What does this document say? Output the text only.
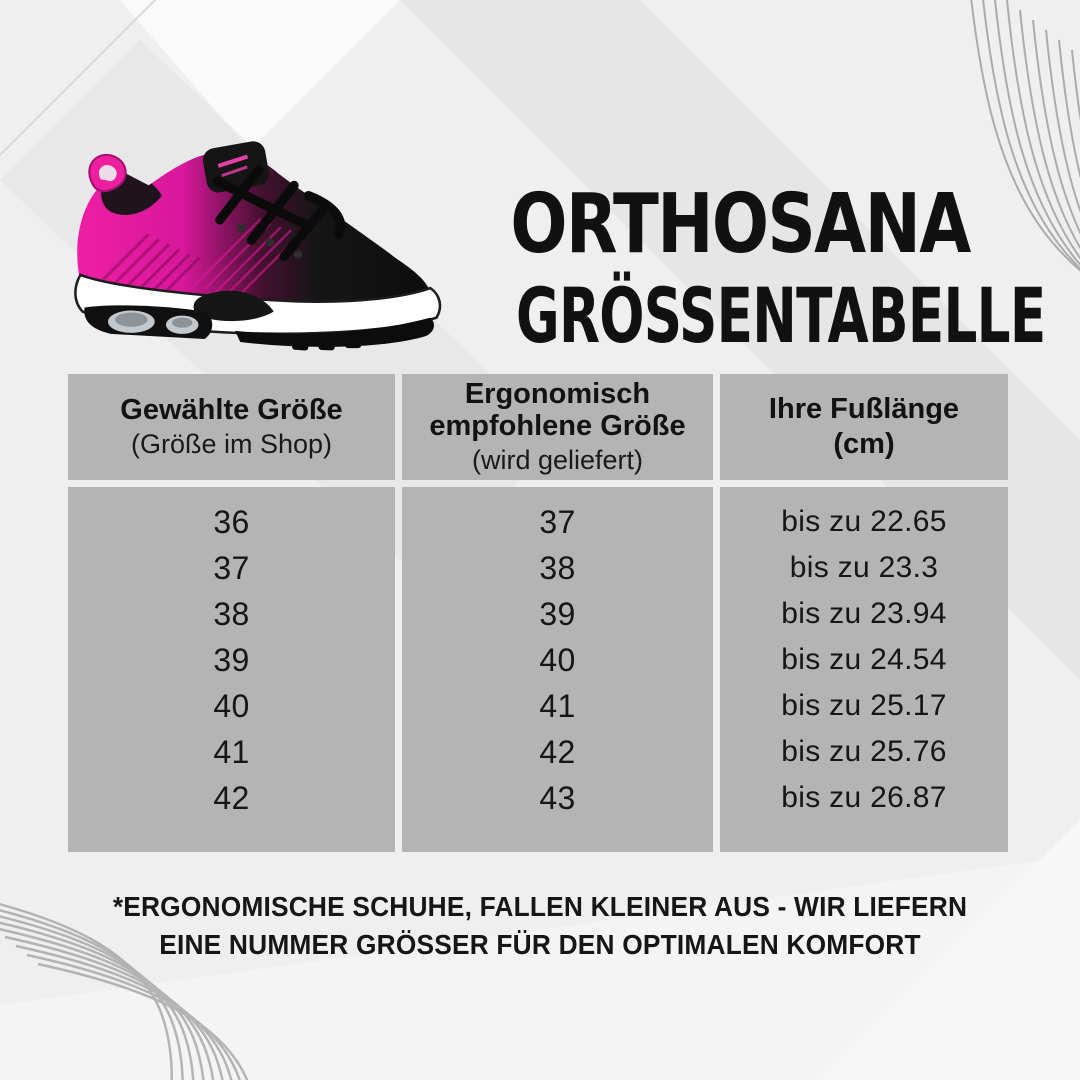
ORTHOSANA
GRÖSSENTABELLE
Gewählte Größe
(Größe im Shop)
Ergonomisch empfohlene Größe
(wird geliefert)
Ihre Fußlänge
(cm)
36
37
38
39
40
41
42
37
38
39
40
41
42
43
bis zu 22.65
bis zu 23.3
bis zu 23.94
bis zu 24.54
bis zu 25.17
bis zu 25.76
bis zu 26.87

*ERGONOMISCHE SCHUHE, FALLEN KLEINER AUS - WIR LIEFERN

EINE NUMMER GRÖSSER FÜR DEN OPTIMALEN KOMFORT
